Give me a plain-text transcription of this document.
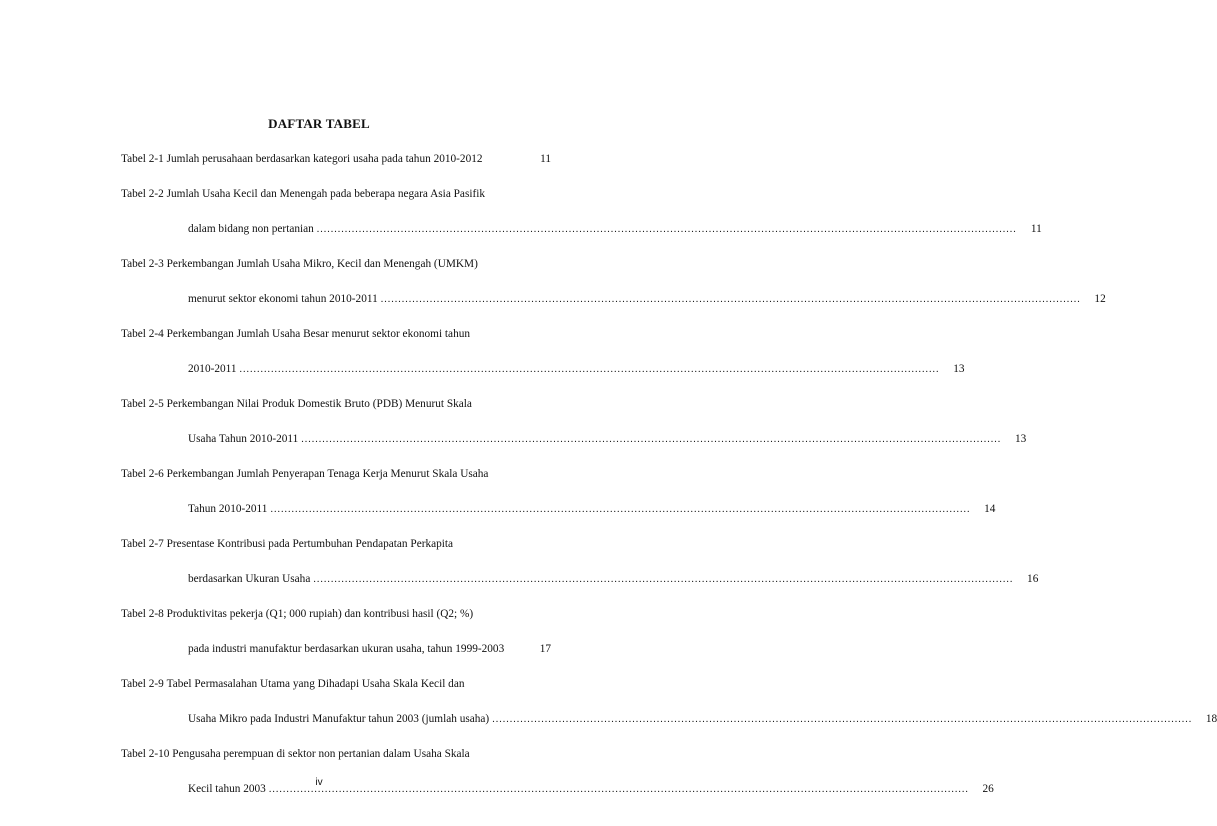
DAFTAR TABEL
Tabel 2-1
Jumlah perusahaan berdasarkan kategori usaha pada tahun 2010-2012	11
Tabel 2-2
Jumlah Usaha Kecil dan Menengah pada beberapa negara Asia Pasifik
dalam bidang non pertanian .....	11
Tabel 2-3
Perkembangan Jumlah Usaha Mikro, Kecil dan Menengah (UMKM)
menurut sektor ekonomi tahun 2010-2011 .....	12
Tabel 2-4
Perkembangan Jumlah Usaha Besar menurut sektor ekonomi tahun
2010-2011 .....	13
Tabel 2-5
Perkembangan Nilai Produk Domestik Bruto (PDB) Menurut Skala
Usaha Tahun 2010-2011 .....	13
Tabel 2-6
Perkembangan Jumlah Penyerapan Tenaga Kerja Menurut Skala Usaha
Tahun 2010-2011 .....	14
Tabel 2-7
Presentase Kontribusi pada Pertumbuhan Pendapatan Perkapita
berdasarkan Ukuran Usaha .....	16
Tabel 2-8
Produktivitas pekerja (Q1; 000 rupiah) dan kontribusi hasil (Q2; %)
pada industri manufaktur berdasarkan ukuran usaha, tahun 1999-2003	17
Tabel 2-9
Tabel Permasalahan Utama yang Dihadapi Usaha Skala Kecil dan
Usaha Mikro pada Industri Manufaktur tahun 2003 (jumlah usaha) .....	18
Tabel 2-10
Pengusaha perempuan di sektor non pertanian dalam Usaha Skala
Kecil tahun 2003 .....	26
iv
